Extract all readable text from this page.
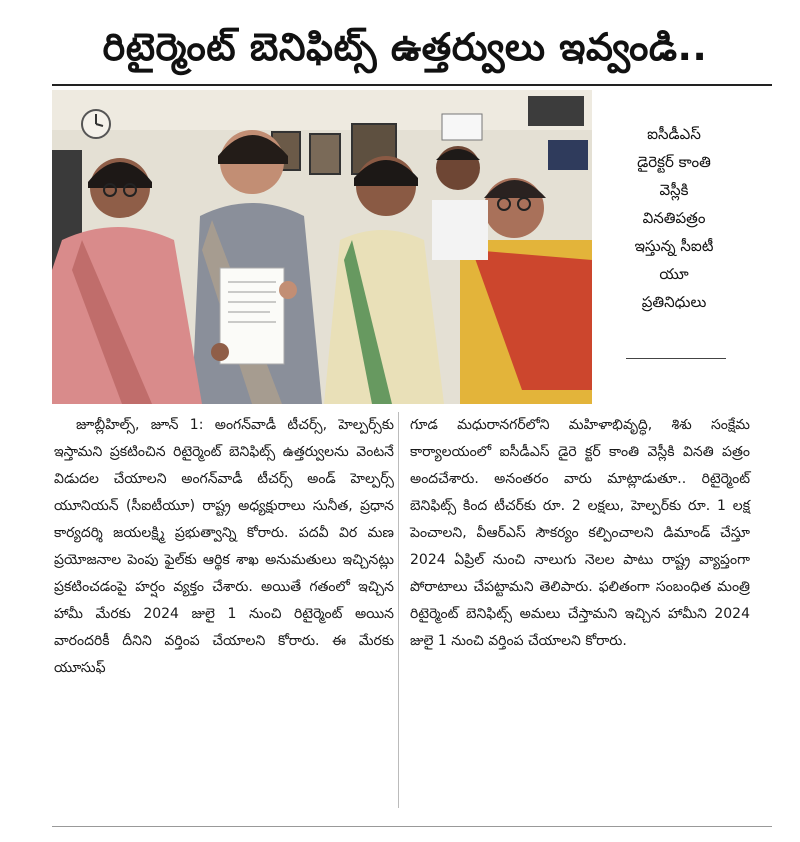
రిటైర్మెంట్ బెనిఫిట్స్ ఉత్తర్వులు ఇవ్వండి..
ఐసీడీఎస్
డైరెక్టర్ కాంతి
వెస్లీకి
వినతిపత్రం
ఇస్తున్న సీఐటీ
యూ
ప్రతినిధులు
జూబ్లీహిల్స్, జూన్ 1: అంగన్‌వాడీ టీచర్స్, హెల్పర్స్‌కు ఇస్తామని ప్రకటించిన రిటైర్మెంట్ బెనిఫిట్స్ ఉత్తర్వులను వెంటనే విడుదల చేయాలని అంగన్‌వాడీ టీచర్స్ అండ్ హెల్పర్స్ యూనియన్ (సీఐటీయూ) రాష్ట్ర అధ్యక్షురాలు సునీత, ప్రధాన కార్యదర్శి జయలక్ష్మి ప్రభుత్వాన్ని కోరారు. పదవీ విర మణ ప్రయోజనాల పెంపు ఫైల్‌కు ఆర్థిక శాఖ అనుమతులు ఇచ్చినట్లు ప్రకటించడంపై హర్షం వ్యక్తం చేశారు. అయితే గతంలో ఇచ్చిన హామీ మేరకు 2024 జులై 1 నుంచి రిటైర్మెంట్ అయిన వారందరికీ దీనిని వర్తింప చేయాలని కోరారు. ఈ మేరకు యూసుఫ్
గూడ మధురానగర్‌లోని మహిళాభివృద్ధి, శిశు సంక్షేమ కార్యాలయంలో ఐసీడీఎస్ డైరె క్టర్ కాంతి వెస్లీకి వినతి పత్రం అందచేశారు. అనంతరం వారు మాట్లాడుతూ.. రిటైర్మెంట్ బెనిఫిట్స్ కింద టీచర్‌కు రూ. 2 లక్షలు, హెల్పర్‌కు రూ. 1 లక్ష పెంచాలని, వీఆర్ఎస్ సౌకర్యం కల్పించాలని డిమాండ్ చేస్తూ 2024 ఏప్రిల్ నుంచి నాలుగు నెలల పాటు రాష్ట్ర వ్యాప్తంగా పోరాటాలు చేపట్టామని తెలిపారు. ఫలితంగా సంబంధిత మంత్రి రిటైర్మెంట్ బెనిఫిట్స్ అమలు చేస్తామని ఇచ్చిన హామీని 2024 జులై 1 నుంచి వర్తింప చేయాలని కోరారు.
